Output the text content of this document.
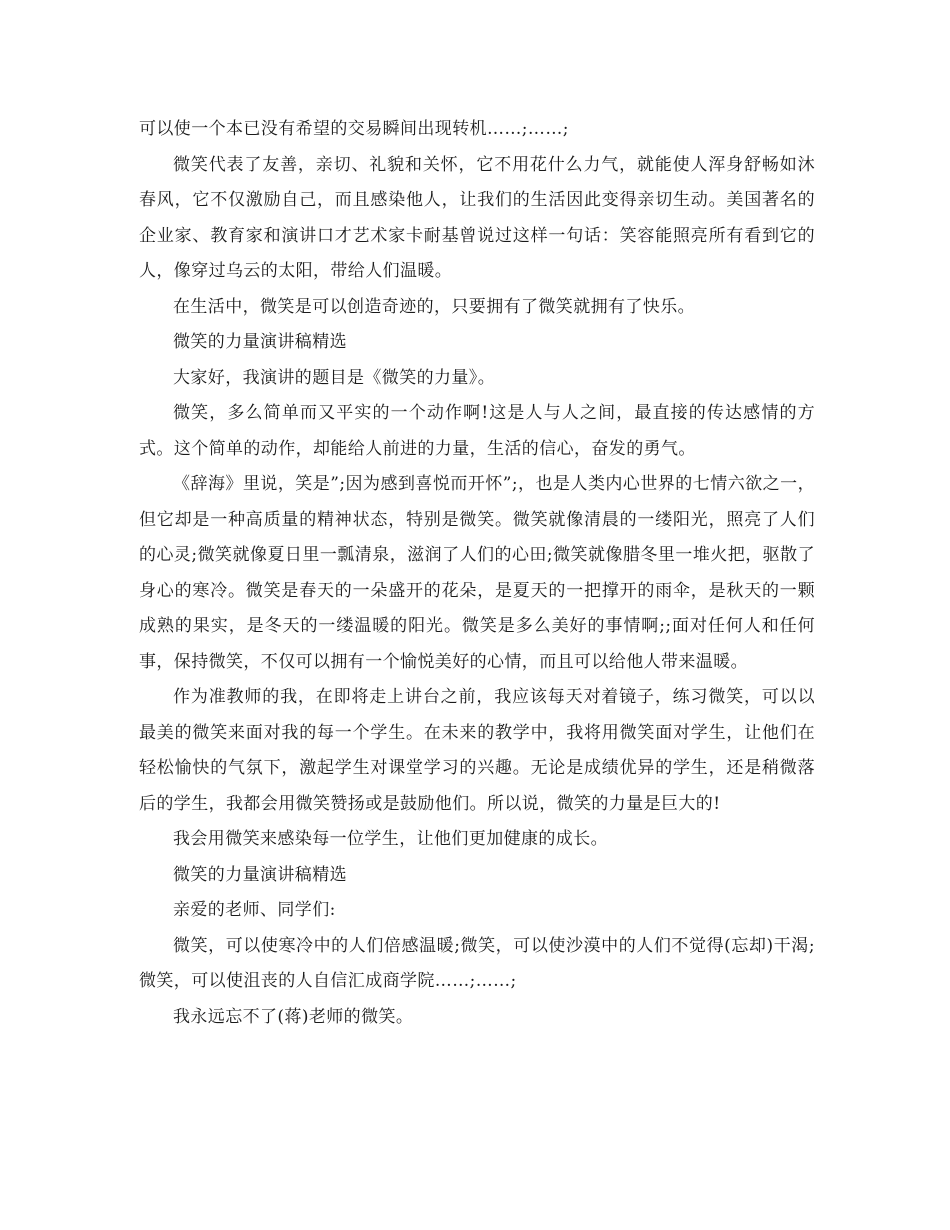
可以使一个本已没有希望的交易瞬间出现转机……;……;

微笑代表了友善，亲切、礼貌和关怀，它不用花什么力气，就能使人浑身舒畅如沐春风，它不仅激励自己，而且感染他人，让我们的生活因此变得亲切生动。美国著名的企业家、教育家和演讲口才艺术家卡耐基曾说过这样一句话：笑容能照亮所有看到它的人，像穿过乌云的太阳，带给人们温暖。

在生活中，微笑是可以创造奇迹的，只要拥有了微笑就拥有了快乐。

微笑的力量演讲稿精选

大家好，我演讲的题目是《微笑的力量》。

微笑，多么简单而又平实的一个动作啊!这是人与人之间，最直接的传达感情的方式。这个简单的动作，却能给人前进的力量，生活的信心，奋发的勇气。

《辞海》里说，笑是”;因为感到喜悦而开怀”;，也是人类内心世界的七情六欲之一，但它却是一种高质量的精神状态，特别是微笑。微笑就像清晨的一缕阳光，照亮了人们的心灵;微笑就像夏日里一瓢清泉，滋润了人们的心田;微笑就像腊冬里一堆火把，驱散了身心的寒冷。微笑是春天的一朵盛开的花朵，是夏天的一把撑开的雨伞，是秋天的一颗成熟的果实，是冬天的一缕温暖的阳光。微笑是多么美好的事情啊;;面对任何人和任何事，保持微笑，不仅可以拥有一个愉悦美好的心情，而且可以给他人带来温暖。

作为准教师的我，在即将走上讲台之前，我应该每天对着镜子，练习微笑，可以以最美的微笑来面对我的每一个学生。在未来的教学中，我将用微笑面对学生，让他们在轻松愉快的气氛下，激起学生对课堂学习的兴趣。无论是成绩优异的学生，还是稍微落后的学生，我都会用微笑赞扬或是鼓励他们。所以说，微笑的力量是巨大的!

我会用微笑来感染每一位学生，让他们更加健康的成长。

微笑的力量演讲稿精选

亲爱的老师、同学们:

微笑，可以使寒冷中的人们倍感温暖;微笑，可以使沙漠中的人们不觉得(忘却)干渴;微笑，可以使沮丧的人自信汇成商学院……;……;

我永远忘不了(蒋)老师的微笑。
